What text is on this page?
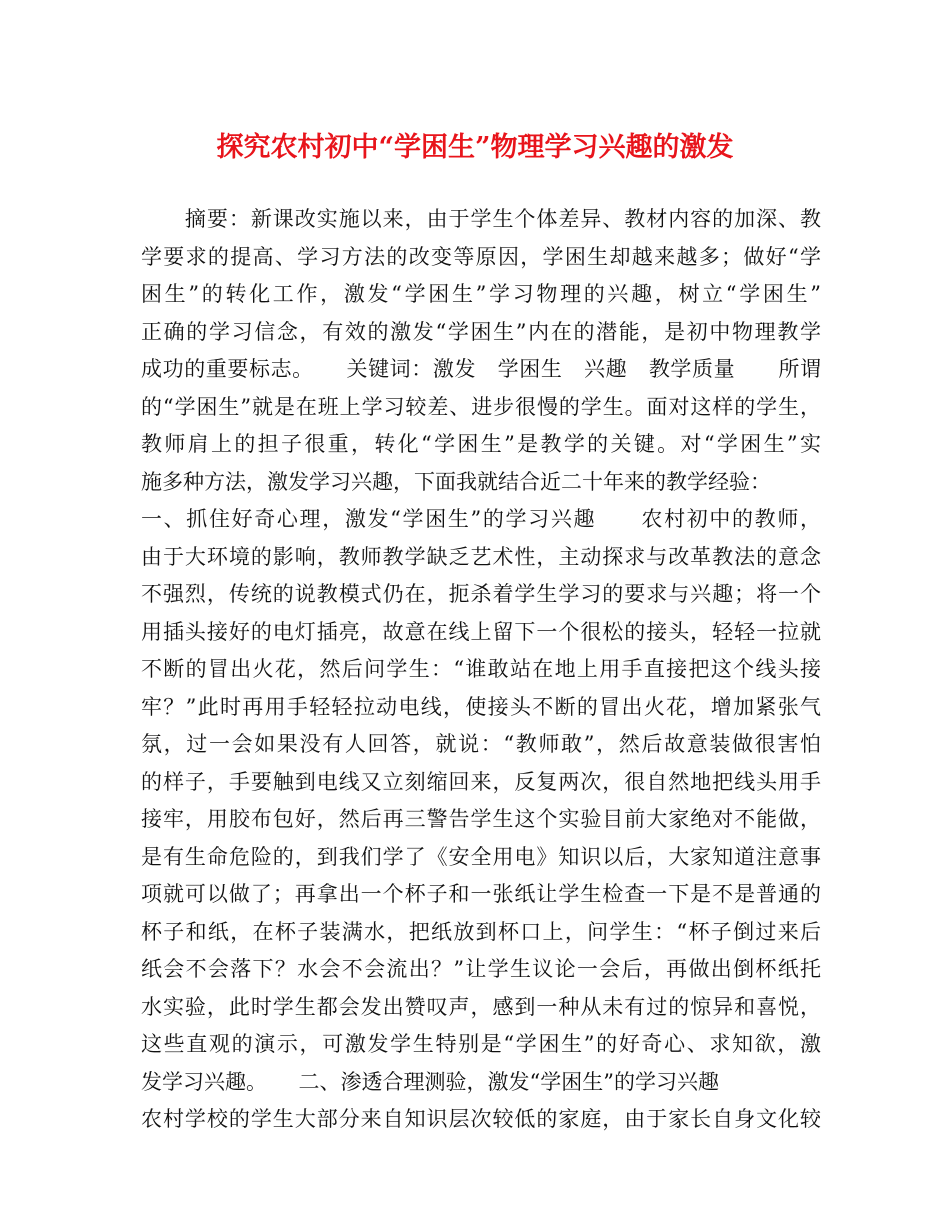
探究农村初中“学困生”物理学习兴趣的激发
　　摘要：新课改实施以来，由于学生个体差异、教材内容的加深、教
学要求的提高、学习方法的改变等原因，学困生却越来越多；做好“学
困生”的转化工作，激发“学困生”学习物理的兴趣，树立“学困生”
正确的学习信念，有效的激发“学困生”内在的潜能，是初中物理教学
成功的重要标志。　　关键词：激发　学困生　兴趣　教学质量　　所谓
的“学困生”就是在班上学习较差、进步很慢的学生。面对这样的学生，
教师肩上的担子很重，转化“学困生”是教学的关键。对“学困生”实
施多种方法，激发学习兴趣，下面我就结合近二十年来的教学经验：
一、抓住好奇心理，激发“学困生”的学习兴趣　　农村初中的教师，
由于大环境的影响，教师教学缺乏艺术性，主动探求与改革教法的意念
不强烈，传统的说教模式仍在，扼杀着学生学习的要求与兴趣；将一个
用插头接好的电灯插亮，故意在线上留下一个很松的接头，轻轻一拉就
不断的冒出火花，然后问学生：“谁敢站在地上用手直接把这个线头接
牢？”此时再用手轻轻拉动电线，使接头不断的冒出火花，增加紧张气
氛，过一会如果没有人回答，就说：“教师敢”，然后故意装做很害怕
的样子，手要触到电线又立刻缩回来，反复两次，很自然地把线头用手
接牢，用胶布包好，然后再三警告学生这个实验目前大家绝对不能做，
是有生命危险的，到我们学了《安全用电》知识以后，大家知道注意事
项就可以做了；再拿出一个杯子和一张纸让学生检查一下是不是普通的
杯子和纸，在杯子装满水，把纸放到杯口上，问学生：“杯子倒过来后
纸会不会落下？水会不会流出？”让学生议论一会后，再做出倒杯纸托
水实验，此时学生都会发出赞叹声，感到一种从未有过的惊异和喜悦，
这些直观的演示，可激发学生特别是“学困生”的好奇心、求知欲，激
发学习兴趣。　　二、渗透合理测验，激发“学困生”的学习兴趣
农村学校的学生大部分来自知识层次较低的家庭，由于家长自身文化较
